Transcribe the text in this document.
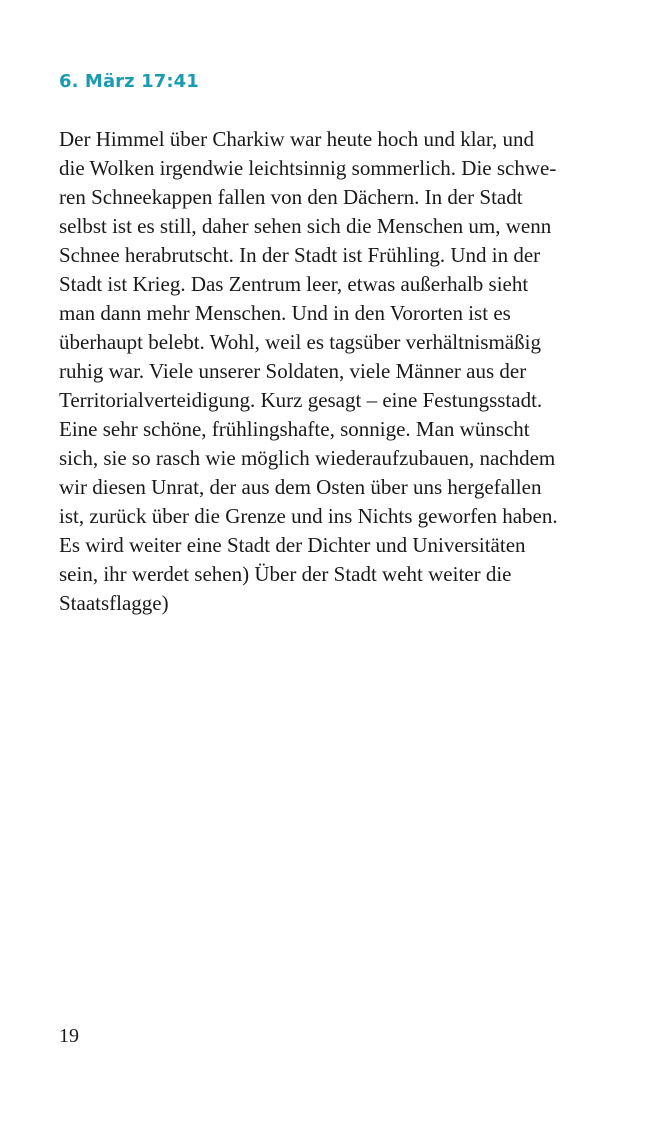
6. März 17:41
Der Himmel über Charkiw war heute hoch und klar, und
die Wolken irgendwie leichtsinnig sommerlich. Die schwe-
ren Schneekappen fallen von den Dächern. In der Stadt
selbst ist es still, daher sehen sich die Menschen um, wenn
Schnee herabrutscht. In der Stadt ist Frühling. Und in der
Stadt ist Krieg. Das Zentrum leer, etwas außerhalb sieht
man dann mehr Menschen. Und in den Vororten ist es
überhaupt belebt. Wohl, weil es tagsüber verhältnismäßig
ruhig war. Viele unserer Soldaten, viele Männer aus der
Territorialverteidigung. Kurz gesagt – eine Festungsstadt.
Eine sehr schöne, frühlingshafte, sonnige. Man wünscht
sich, sie so rasch wie möglich wiederaufzubauen, nachdem
wir diesen Unrat, der aus dem Osten über uns hergefallen
ist, zurück über die Grenze und ins Nichts geworfen haben.
Es wird weiter eine Stadt der Dichter und Universitäten
sein, ihr werdet sehen) Über der Stadt weht weiter die
Staatsflagge)
19
